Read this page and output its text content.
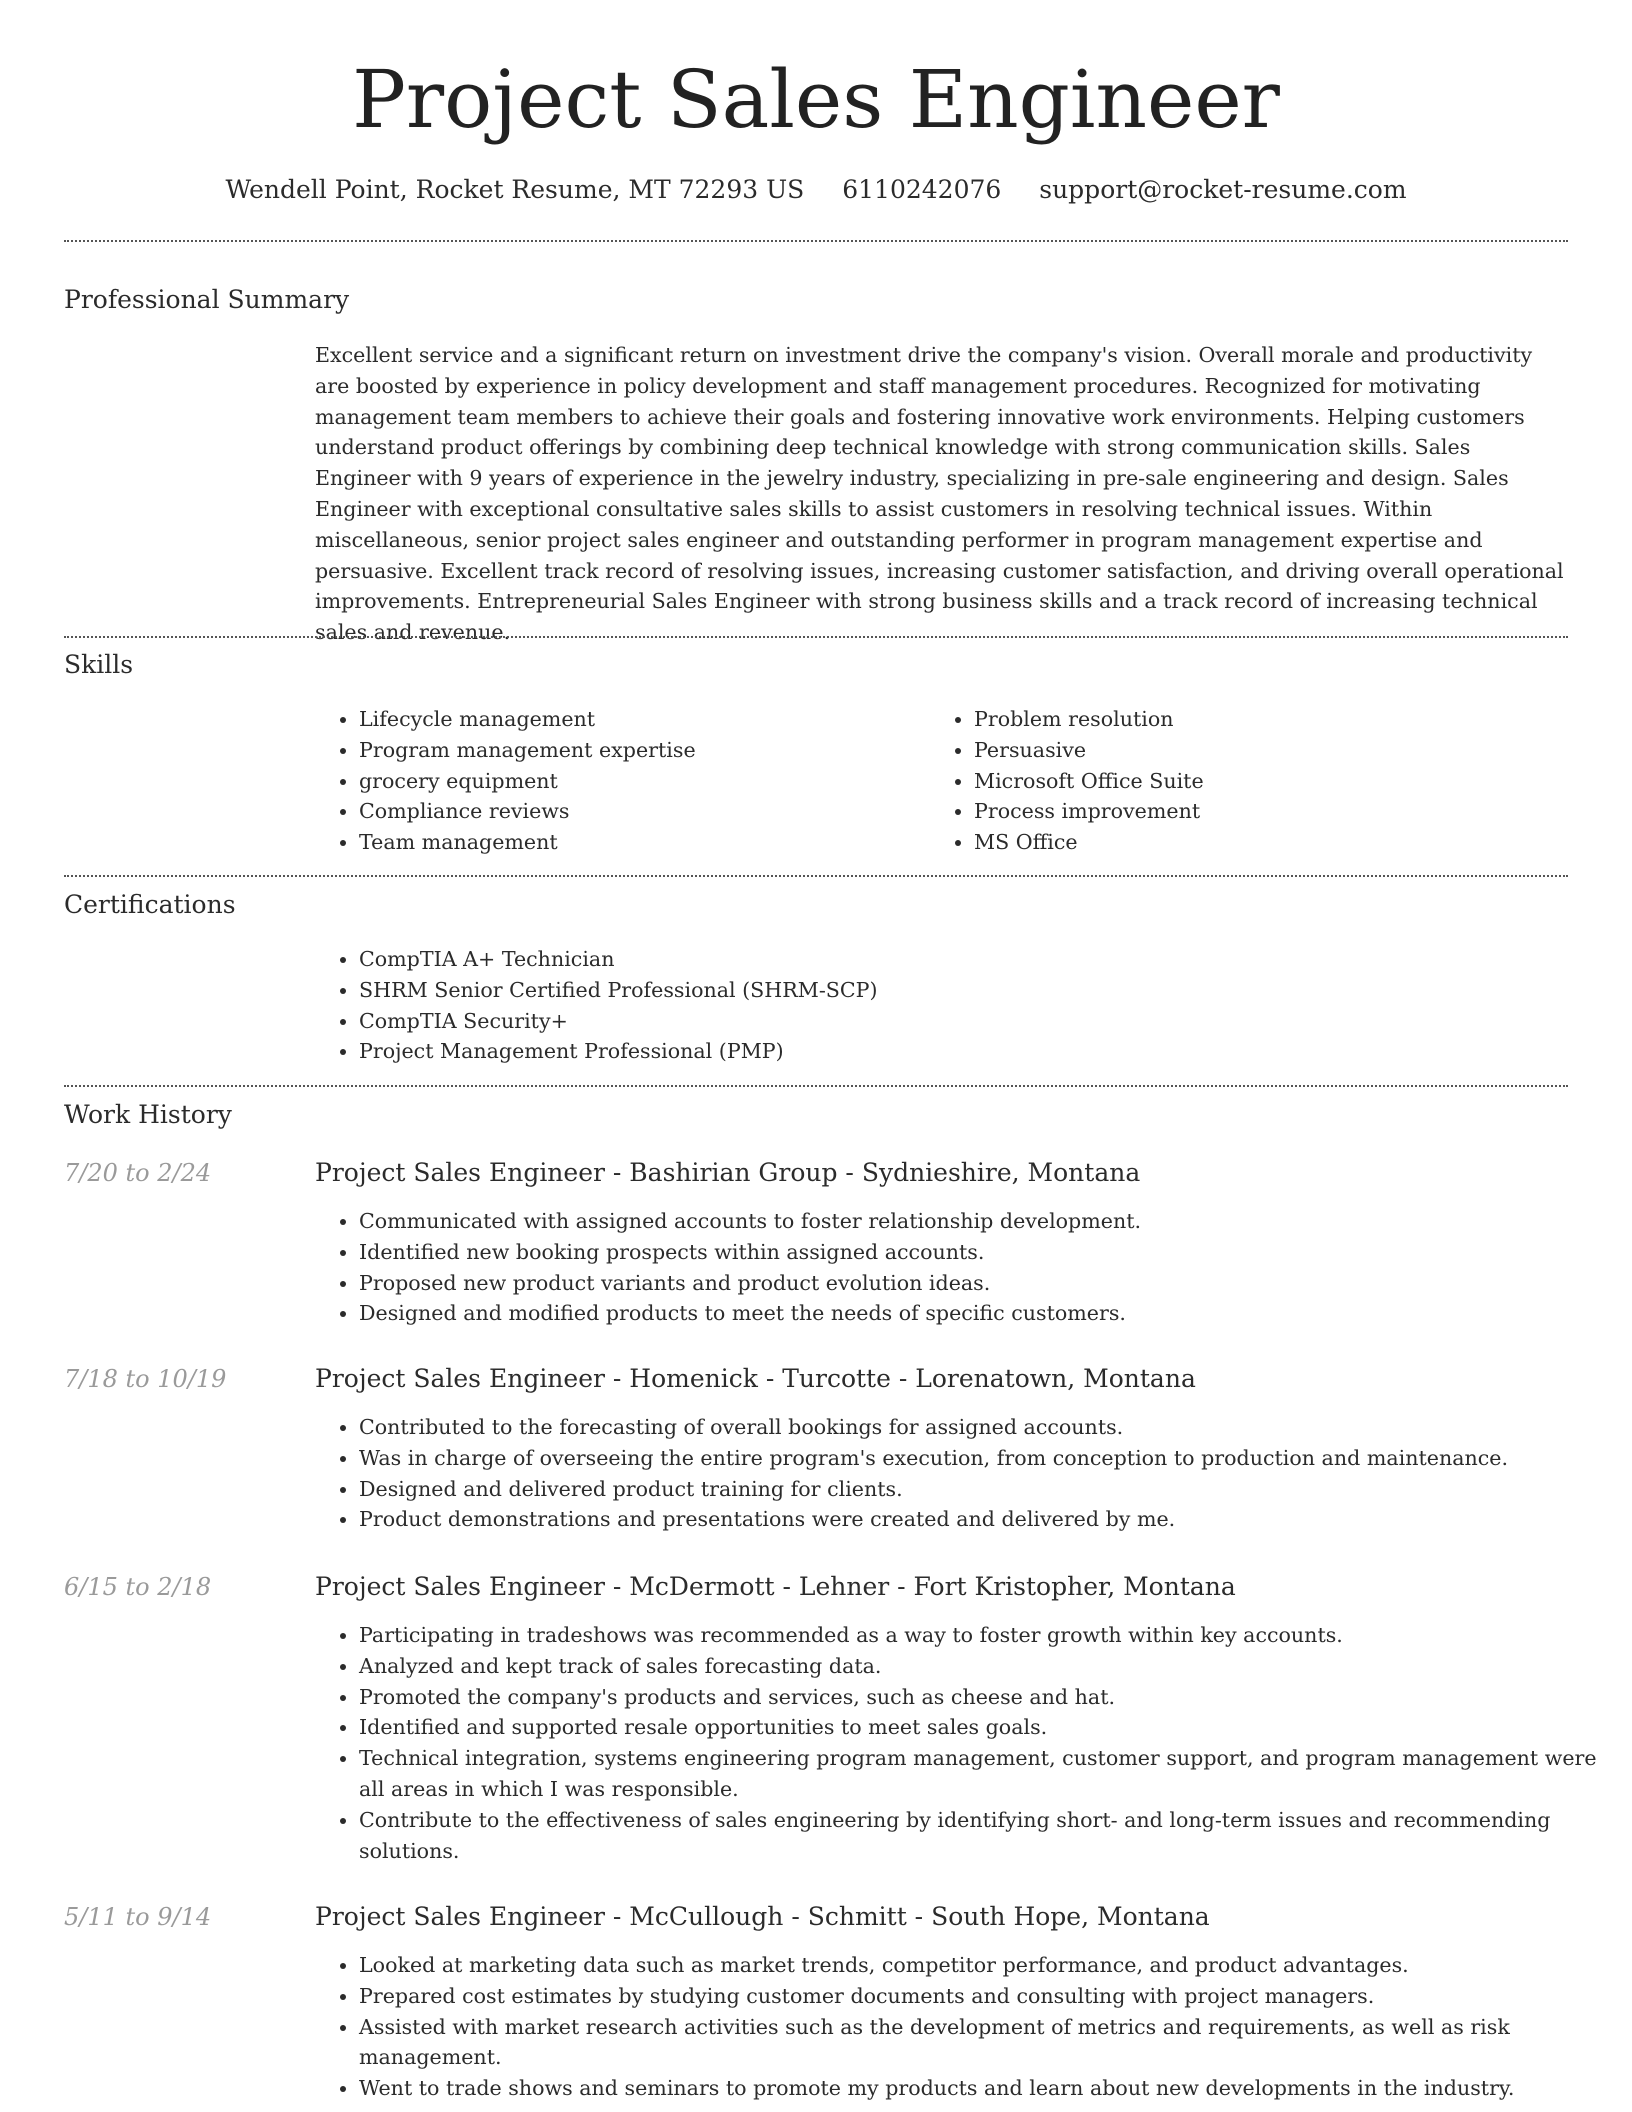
Project Sales Engineer
Wendell Point, Rocket Resume, MT 72293 US 6110242076 support@rocket-resume.com
Professional Summary

Excellent service and a significant return on investment drive the company's vision. Overall morale and productivity are boosted by experience in policy development and staff management procedures. Recognized for motivating management team members to achieve their goals and fostering innovative work environments. Helping customers understand product offerings by combining deep technical knowledge with strong communication skills. Sales Engineer with 9 years of experience in the jewelry industry, specializing in pre-sale engineering and design. Sales Engineer with exceptional consultative sales skills to assist customers in resolving technical issues. Within miscellaneous, senior project sales engineer and outstanding performer in program management expertise and persuasive. Excellent track record of resolving issues, increasing customer satisfaction, and driving overall operational improvements. Entrepreneurial Sales Engineer with strong business skills and a track record of increasing technical sales and revenue.

Skills
• Lifecycle management
• Program management expertise
• grocery equipment
• Compliance reviews
• Team management
• Problem resolution
• Persuasive
• Microsoft Office Suite
• Process improvement
• MS Office
Certifications
• CompTIA A+ Technician
• SHRM Senior Certified Professional (SHRM-SCP)
• CompTIA Security+
• Project Management Professional (PMP)
Work History
7/20 to 2/24	Project Sales Engineer - Bashirian Group - Sydnieshire, Montana
• Communicated with assigned accounts to foster relationship development.
• Identified new booking prospects within assigned accounts.
• Proposed new product variants and product evolution ideas.
• Designed and modified products to meet the needs of specific customers.
7/18 to 10/19	Project Sales Engineer - Homenick - Turcotte - Lorenatown, Montana
• Contributed to the forecasting of overall bookings for assigned accounts.
• Was in charge of overseeing the entire program's execution, from conception to production and maintenance.
• Designed and delivered product training for clients.
• Product demonstrations and presentations were created and delivered by me.
6/15 to 2/18	Project Sales Engineer - McDermott - Lehner - Fort Kristopher, Montana
• Participating in tradeshows was recommended as a way to foster growth within key accounts.
• Analyzed and kept track of sales forecasting data.
• Promoted the company's products and services, such as cheese and hat.
• Identified and supported resale opportunities to meet sales goals.
• Technical integration, systems engineering program management, customer support, and program management were all areas in which I was responsible.
• Contribute to the effectiveness of sales engineering by identifying short- and long-term issues and recommending solutions.
5/11 to 9/14	Project Sales Engineer - McCullough - Schmitt - South Hope, Montana
• Looked at marketing data such as market trends, competitor performance, and product advantages.
• Prepared cost estimates by studying customer documents and consulting with project managers.
• Assisted with market research activities such as the development of metrics and requirements, as well as risk management.
• Went to trade shows and seminars to promote my products and learn about new developments in the industry.
